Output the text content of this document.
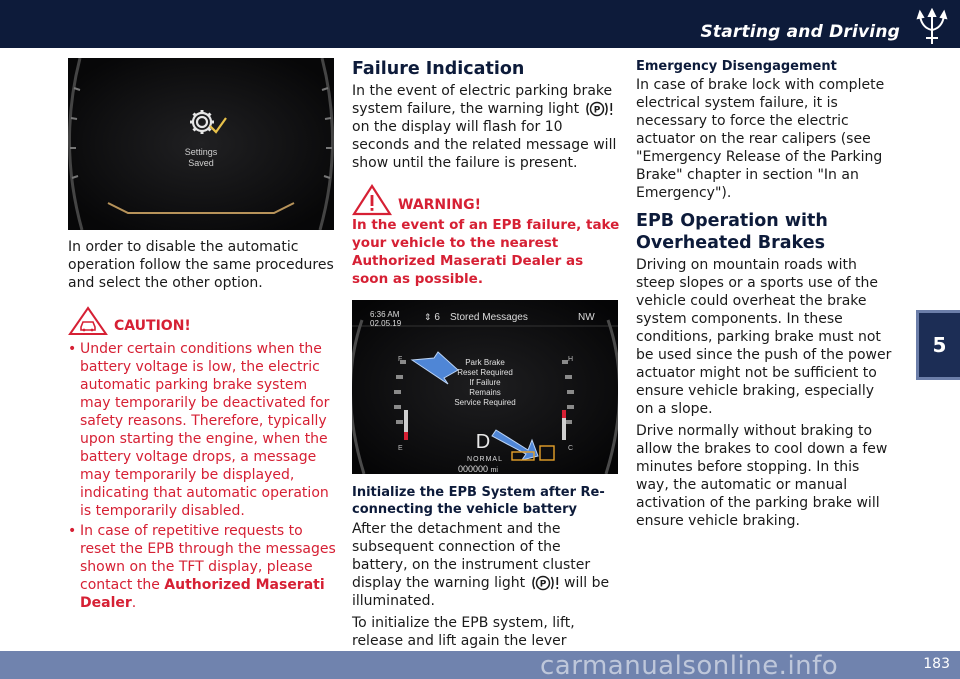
Starting and Driving
5
Settings
Saved

In order to disable the automatic operation follow the same procedures and select the other option.

CAUTION!
• Under certain conditions when the battery voltage is low, the electric automatic parking brake system may temporarily be deactivated for safety reasons. Therefore, typically upon starting the engine, when the battery voltage drops, a message may temporarily be displayed, indicating that automatic operation is temporarily disabled.
• In case of repetitive requests to reset the EPB through the messages shown on the TFT display, please contact the Authorized Maserati Dealer.
Failure Indication

In the event of electric parking brake system failure, the warning light P
on the display will flash for 10 seconds and the related message will show until the failure is present.

WARNING!

In the event of an EPB failure, take your vehicle to the nearest Authorized Maserati Dealer as soon as possible.

D
6:36 AM
02.05.19
⇕ 6 Stored Messages	NW
Park Brake
Reset Required
If Failure
Remains
Service Required
NORMAL
000000 mi
F
E
H
C
Initialize the EPB System after Re-connecting the vehicle battery

After the detachment and the subsequent connection of the battery, on the instrument cluster display the warning light P will be illuminated.

To initialize the EPB system, lift, release and lift again the lever

Emergency Disengagement

In case of brake lock with complete electrical system failure, it is necessary to force the electric actuator on the rear calipers (see "Emergency Release of the Parking Brake" chapter in section "In an Emergency").

EPB Operation with Overheated Brakes

Driving on mountain roads with steep slopes or a sports use of the vehicle could overheat the brake system components. In these conditions, parking brake must not be used since the push of the power actuator might not be sufficient to ensure vehicle braking, especially on a slope.

Drive normally without braking to allow the brakes to cool down a few minutes before stopping. In this way, the automatic or manual activation of the parking brake will ensure vehicle braking.

carmanualsonline.info	183
